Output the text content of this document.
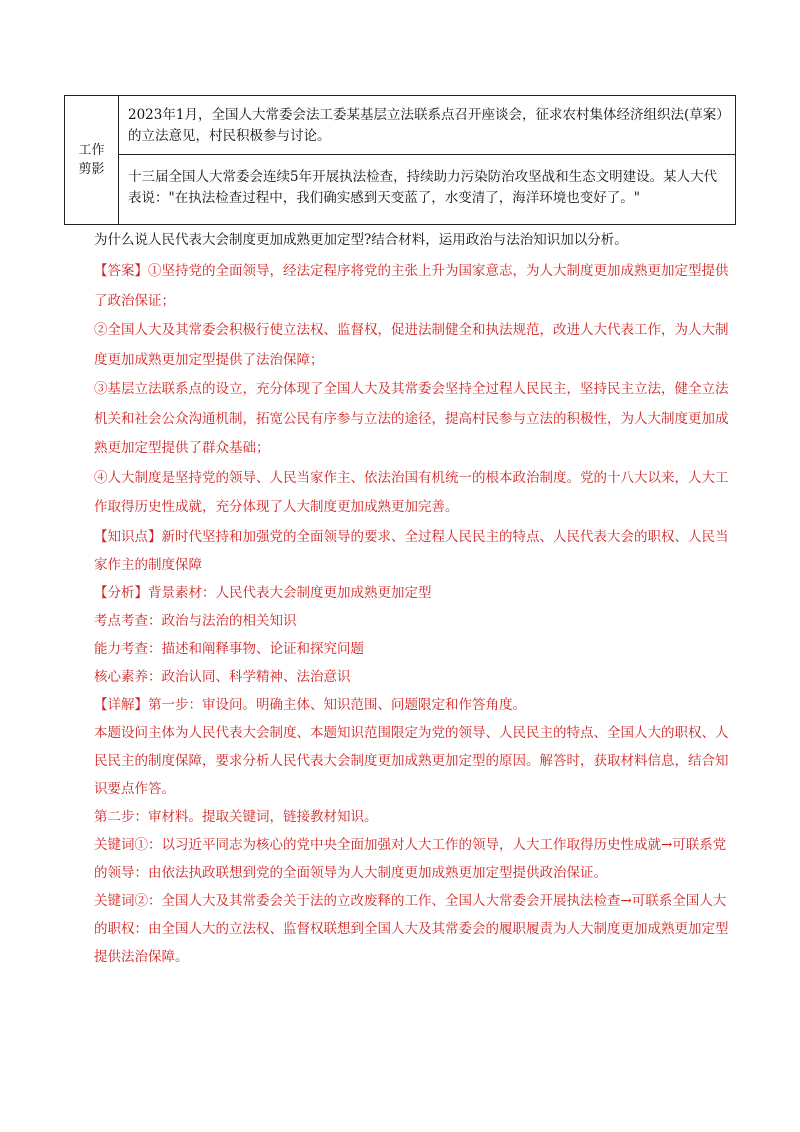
工作剪影
2023年1月，全国人大常委会法工委某基层立法联系点召开座谈会，征求农村集体经济组织法(草案）的立法意见，村民积极参与讨论。
十三届全国人大常委会连续5年开展执法检查，持续助力污染防治攻坚战和生态文明建设。某人大代表说："在执法检查过程中，我们确实感到天变蓝了，水变清了，海洋环境也变好了。"
为什么说人民代表大会制度更加成熟更加定型?结合材料，运用政治与法治知识加以分析。

【答案】①坚持党的全面领导，经法定程序将党的主张上升为国家意志，为人大制度更加成熟更加定型提供了政治保证；

②全国人大及其常委会积极行使立法权、监督权，促进法制健全和执法规范，改进人大代表工作，为人大制度更加成熟更加定型提供了法治保障；

③基层立法联系点的设立，充分体现了全国人大及其常委会坚持全过程人民民主，坚持民主立法，健全立法机关和社会公众沟通机制，拓宽公民有序参与立法的途径，提高村民参与立法的积极性，为人大制度更加成熟更加定型提供了群众基础；

④人大制度是坚持党的领导、人民当家作主、依法治国有机统一的根本政治制度。党的十八大以来，人大工作取得历史性成就，充分体现了人大制度更加成熟更加完善。

【知识点】新时代坚持和加强党的全面领导的要求、全过程人民民主的特点、人民代表大会的职权、人民当家作主的制度保障

【分析】背景素材：人民代表大会制度更加成熟更加定型

考点考查：政治与法治的相关知识

能力考查：描述和阐释事物、论证和探究问题

核心素养：政治认同、科学精神、法治意识

【详解】第一步：审设问。明确主体、知识范围、问题限定和作答角度。

本题设问主体为人民代表大会制度、本题知识范围限定为党的领导、人民民主的特点、全国人大的职权、人民民主的制度保障，要求分析人民代表大会制度更加成熟更加定型的原因。解答时，获取材料信息，结合知识要点作答。

第二步：审材料。提取关键词，链接教材知识。

关键词①：以习近平同志为核心的党中央全面加强对人大工作的领导，人大工作取得历史性成就→可联系党的领导：由依法执政联想到党的全面领导为人大制度更加成熟更加定型提供政治保证。

关键词②：全国人大及其常委会关于法的立改废释的工作、全国人大常委会开展执法检查→可联系全国人大的职权：由全国人大的立法权、监督权联想到全国人大及其常委会的履职履责为人大制度更加成熟更加定型提供法治保障。
